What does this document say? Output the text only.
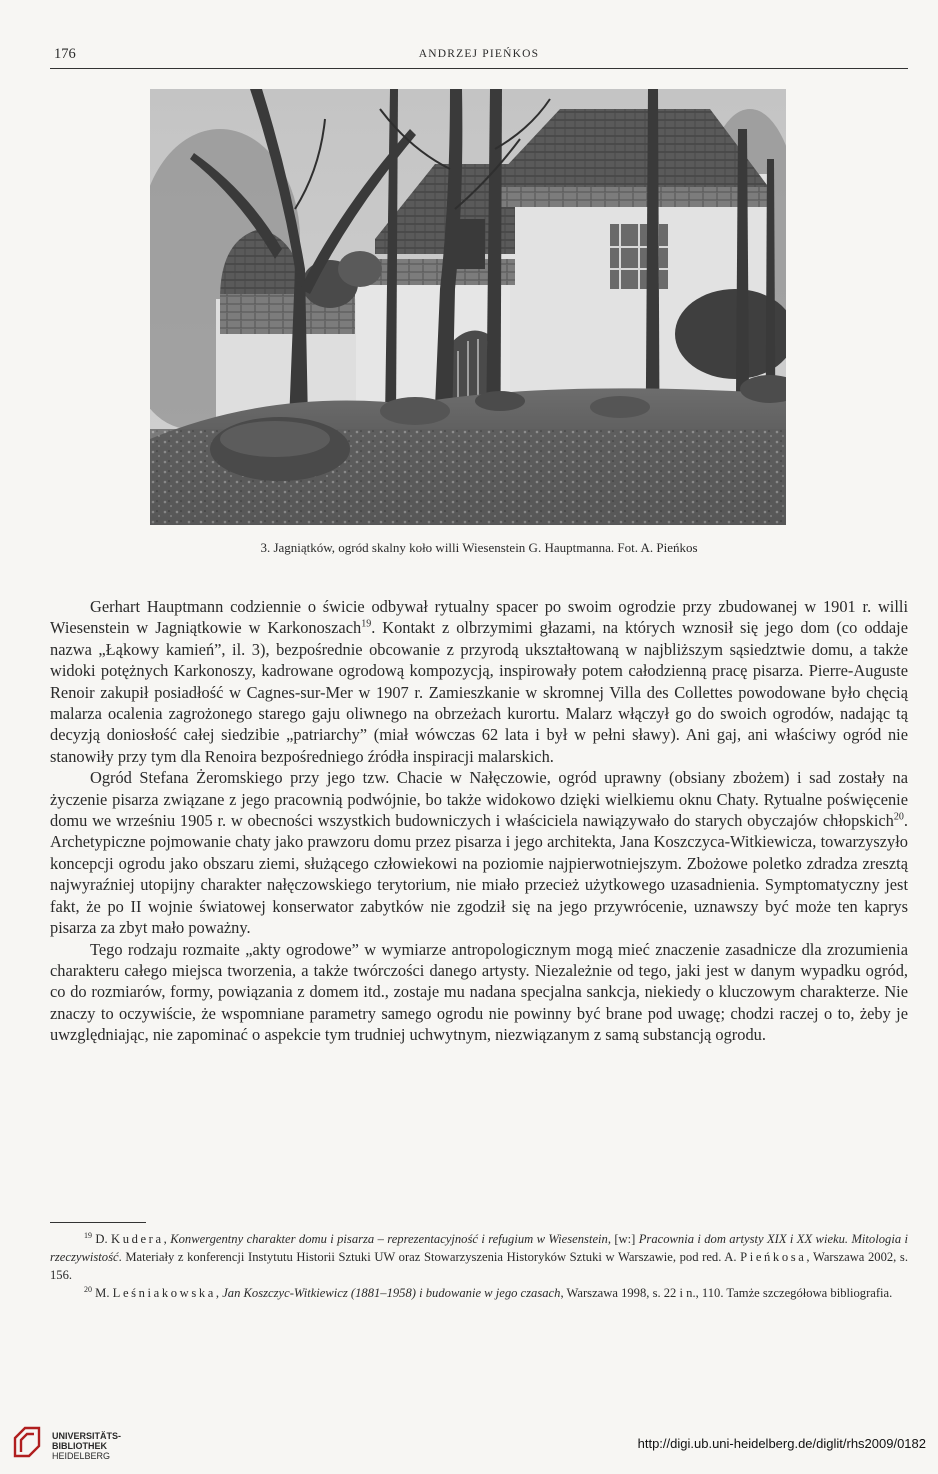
176	ANDRZEJ PIEŃKOS
3. Jagniątków, ogród skalny koło willi Wiesenstein G. Hauptmanna. Fot. A. Pieńkos

Gerhart Hauptmann codziennie o świcie odbywał rytualny spacer po swoim ogrodzie przy zbudowanej w 1901 r. willi Wiesenstein w Jagniątkowie w Karkonoszach$^{19}$. Kontakt z olbrzymimi głazami, na których wznosił się jego dom (co oddaje nazwa „Łąkowy kamień”, il. 3), bezpośrednie obcowanie z przyrodą ukształtowaną w najbliższym sąsiedztwie domu, a także widoki potężnych Karkonoszy, kadrowane ogrodową kompozycją, inspirowały potem całodzienną pracę pisarza. Pierre-Auguste Renoir zakupił posiadłość w Cagnes-sur-Mer w 1907 r. Zamieszkanie w skromnej Villa des Collettes powodowane było chęcią malarza ocalenia zagrożonego starego gaju oliwnego na obrzeżach kurortu. Malarz włączył go do swoich ogrodów, nadając tą decyzją doniosłość całej siedzibie „patriarchy” (miał wówczas 62 lata i był w pełni sławy). Ani gaj, ani właściwy ogród nie stanowiły przy tym dla Renoira bezpośredniego źródła inspiracji malarskich.

Ogród Stefana Żeromskiego przy jego tzw. Chacie w Nałęczowie, ogród uprawny (obsiany zbożem) i sad zostały na życzenie pisarza związane z jego pracownią podwójnie, bo także widokowo dzięki wielkiemu oknu Chaty. Rytualne poświęcenie domu we wrześniu 1905 r. w obecności wszystkich budowniczych i właściciela nawiązywało do starych obyczajów chłopskich$^{20}$. Archetypiczne pojmowanie chaty jako prawzoru domu przez pisarza i jego architekta, Jana Koszczyca-Witkiewicza, towarzyszyło koncepcji ogrodu jako obszaru ziemi, służącego człowiekowi na poziomie najpierwotniejszym. Zbożowe poletko zdradza zresztą najwyraźniej utopijny charakter nałęczowskiego terytorium, nie miało przecież użytkowego uzasadnienia. Symptomatyczny jest fakt, że po II wojnie światowej konserwator zabytków nie zgodził się na jego przywrócenie, uznawszy być może ten kaprys pisarza za zbyt mało poważny.

Tego rodzaju rozmaite „akty ogrodowe” w wymiarze antropologicznym mogą mieć znaczenie zasadnicze dla zrozumienia charakteru całego miejsca tworzenia, a także twórczości danego artysty. Niezależnie od tego, jaki jest w danym wypadku ogród, co do rozmiarów, formy, powiązania z domem itd., zostaje mu nadana specjalna sankcja, niekiedy o kluczowym charakterze. Nie znaczy to oczywiście, że wspomniane parametry samego ogrodu nie powinny być brane pod uwagę; chodzi raczej o to, żeby je uwzględniając, nie zapominać o aspekcie tym trudniej uchwytnym, niezwiązanym z samą substancją ogrodu.

$^{19}$ D. Kudera, Konwergentny charakter domu i pisarza – reprezentacyjność i refugium w Wiesenstein, [w:] Pracownia i dom artysty XIX i XX wieku. Mitologia i rzeczywistość. Materiały z konferencji Instytutu Historii Sztuki UW oraz Stowarzyszenia Historyków Sztuki w Warszawie, pod red. A. Pieńkosa, Warszawa 2002, s. 156.

$^{20}$ M. Leśniakowska, Jan Koszczyc-Witkiewicz (1881–1958) i budowanie w jego czasach, Warszawa 1998, s. 22 i n., 110. Tamże szczegółowa bibliografia.

UNIVERSITÄTS-
BIBLIOTHEK
HEIDELBERG
http://digi.ub.uni-heidelberg.de/diglit/rhs2009/0182
